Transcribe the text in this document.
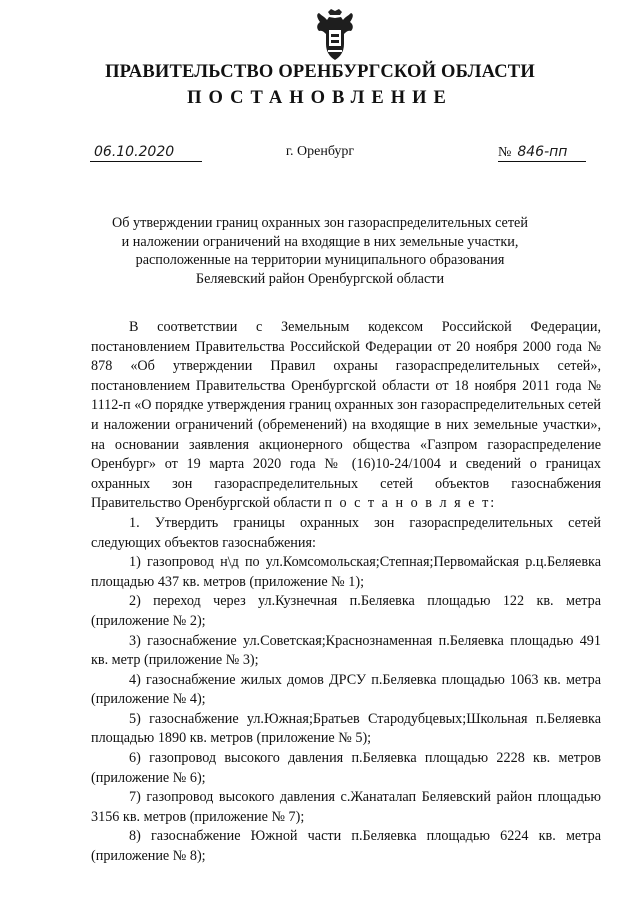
ПРАВИТЕЛЬСТВО ОРЕНБУРГСКОЙ ОБЛАСТИ
ПОСТАНОВЛЕНИЕ
06.10.2020	г. Оренбург	№ 846-пп
Об утверждении границ охранных зон газораспределительных сетей
и наложении ограничений на входящие в них земельные участки,
расположенные на территории муниципального образования
Беляевский район Оренбургской области

В соответствии с Земельным кодексом Российской Федерации, постановлением Правительства Российской Федерации от 20 ноября 2000 года № 878 «Об утверждении Правил охраны газораспределительных сетей», постановлением Правительства Оренбургской области от 18 ноября 2011 года № 1112-п «О порядке утверждения границ охранных зон газораспределительных сетей и наложении ограничений (обременений) на входящие в них земельные участки», на основании заявления акционерного общества «Газпром газораспределение Оренбург» от 19 марта 2020 года № (16)10-24/1004 и сведений о границах охранных зон газораспределительных сетей объектов газоснабжения Правительство Оренбургской области п о с т а н о в л я е т:

1. Утвердить границы охранных зон газораспределительных сетей следующих объектов газоснабжения:

1) газопровод н\д по ул.Комсомольская;Степная;Первомайская р.ц.Беляевка площадью 437 кв. метров (приложение № 1);

2) переход через ул.Кузнечная п.Беляевка площадью 122 кв. метра (приложение № 2);

3) газоснабжение ул.Советская;Краснознаменная п.Беляевка площадью 491 кв. метр (приложение № 3);

4) газоснабжение жилых домов ДРСУ п.Беляевка площадью 1063 кв. метра (приложение № 4);

5) газоснабжение ул.Южная;Братьев Стародубцевых;Школьная п.Беляевка площадью 1890 кв. метров (приложение № 5);

6) газопровод высокого давления п.Беляевка площадью 2228 кв. метров (приложение № 6);

7) газопровод высокого давления с.Жанаталап Беляевский район площадью 3156 кв. метров (приложение № 7);

8) газоснабжение Южной части п.Беляевка площадью 6224 кв. метра (приложение № 8);
